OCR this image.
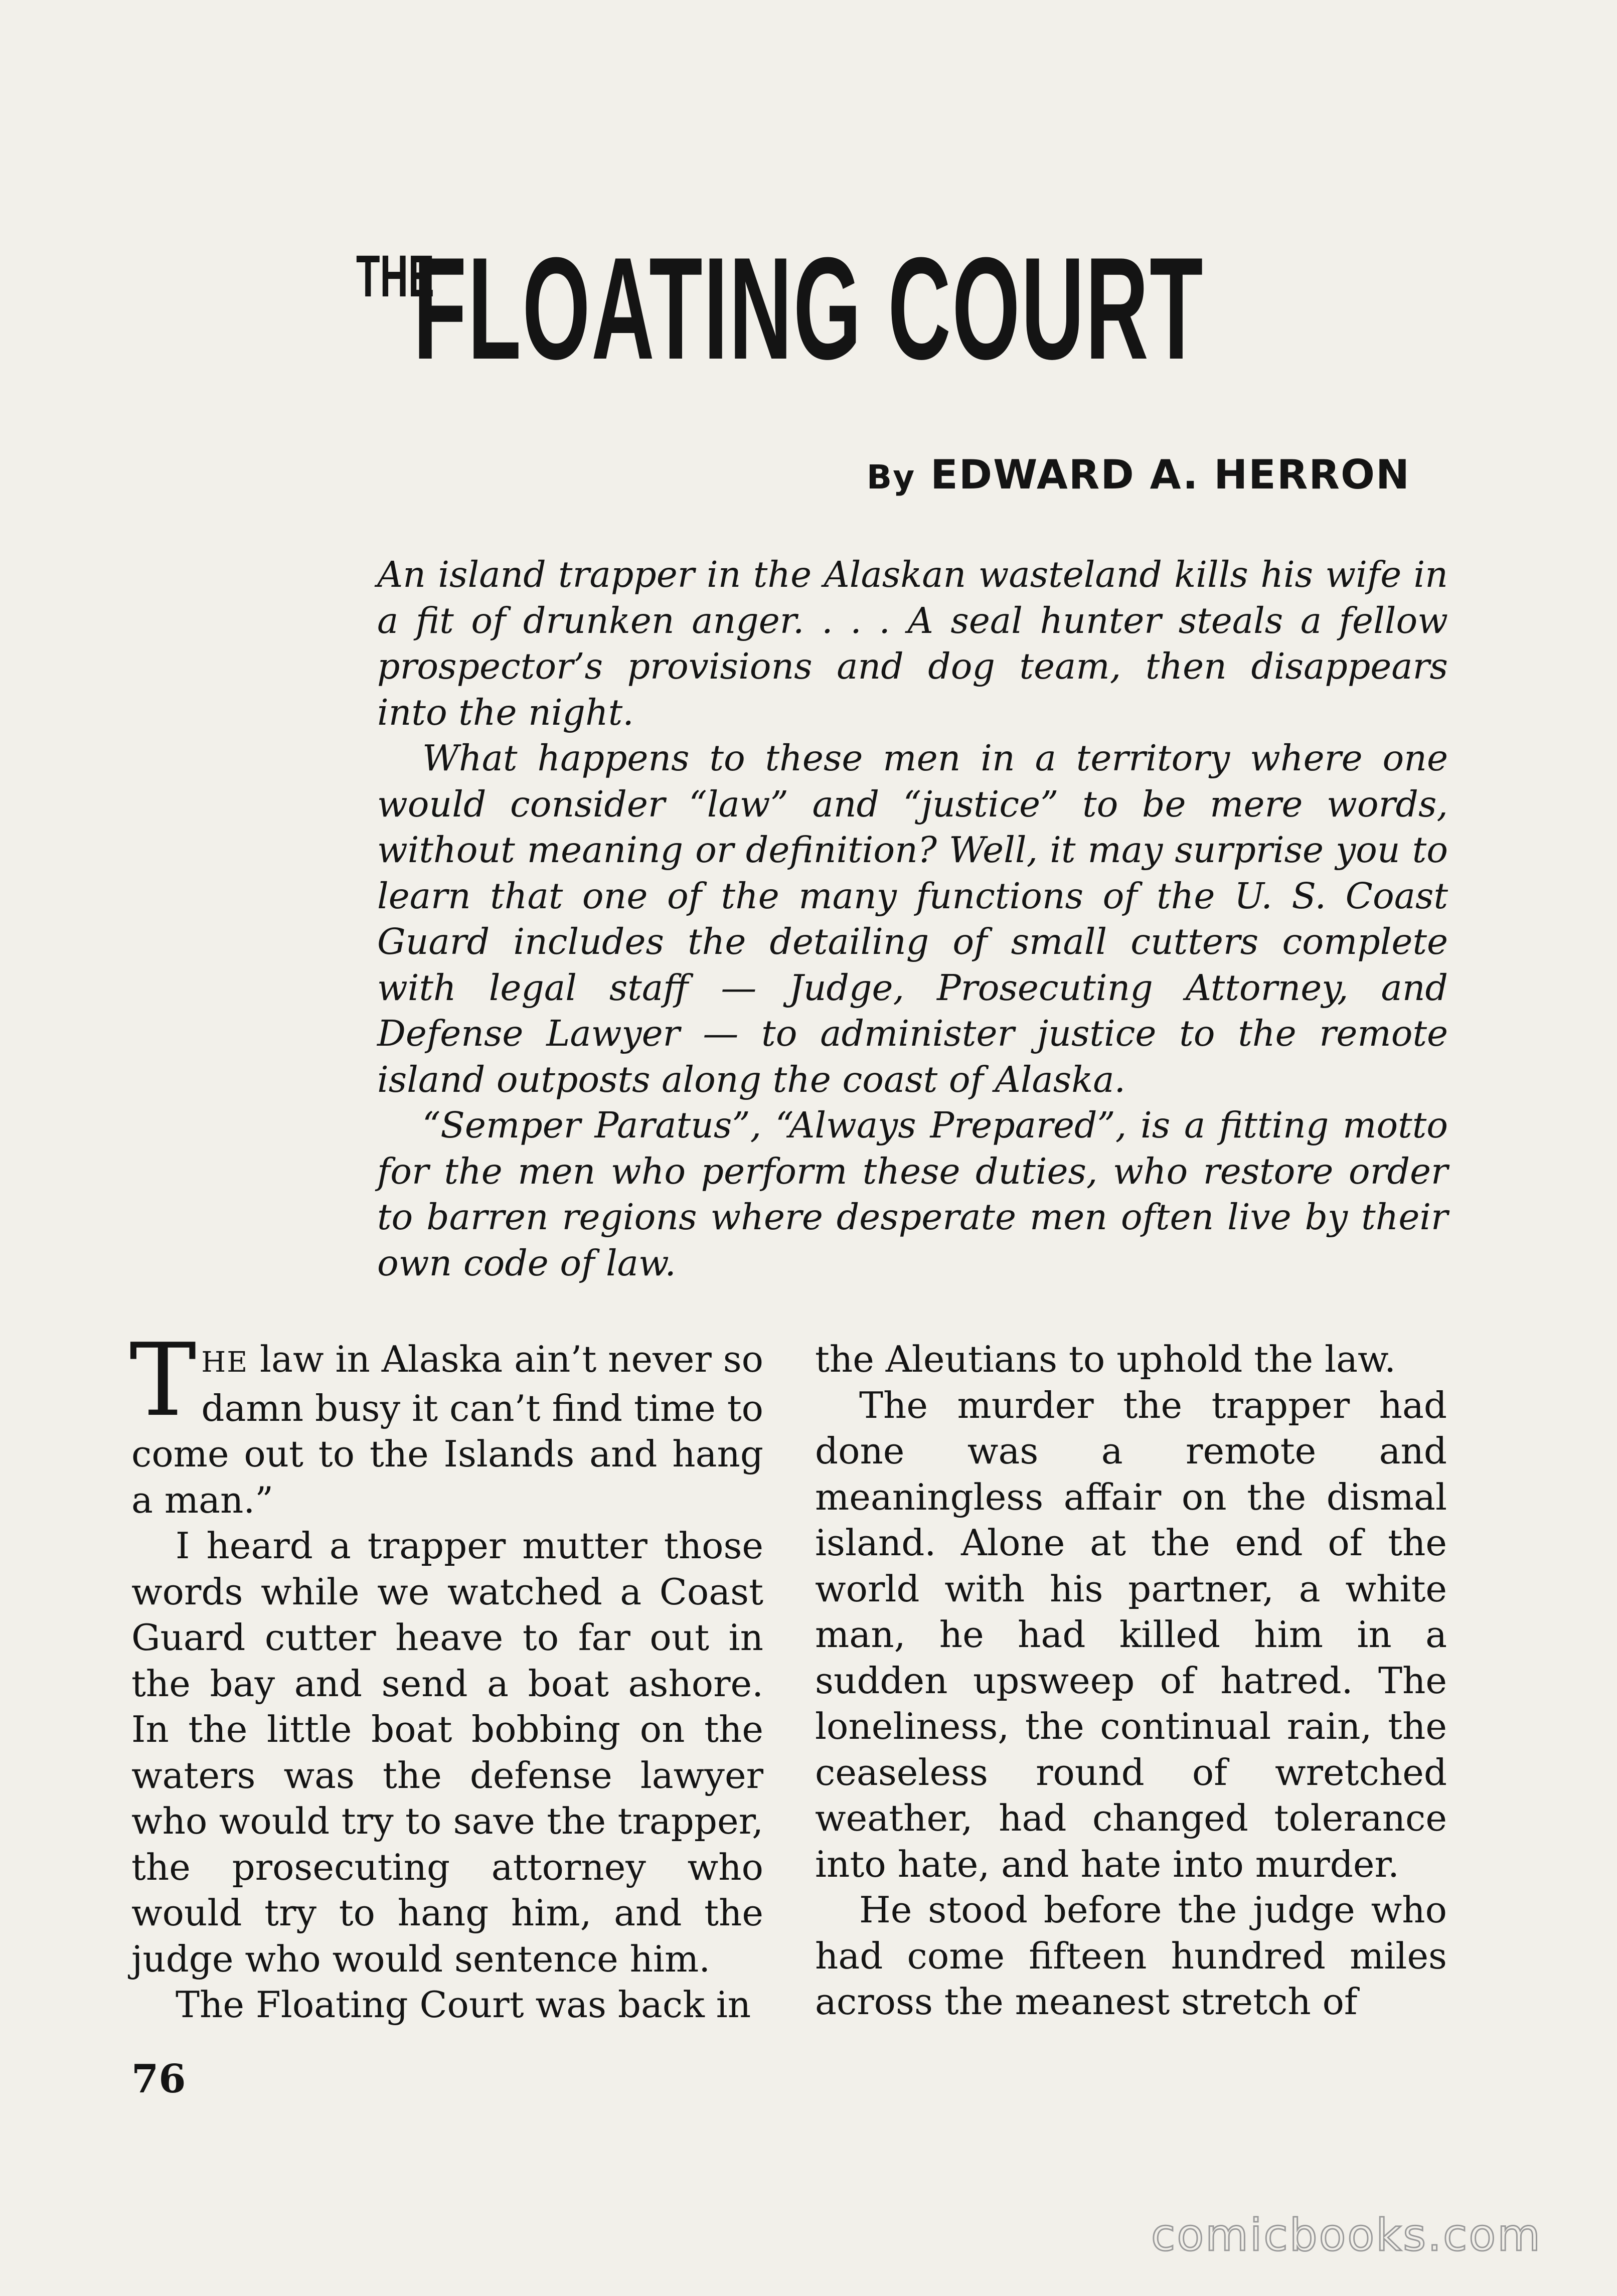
THE FLOATING COURT
By EDWARD A. HERRON

An island trapper in the Alaskan wasteland kills his wife in a fit of drunken anger. . . . A seal hunter steals a fellow prospector’s provisions and dog team, then disappears into the night.

What happens to these men in a territory where one would consider “law” and “justice” to be mere words, without meaning or definition? Well, it may surprise you to learn that one of the many functions of the U. S. Coast Guard includes the detailing of small cutters complete with legal staff — Judge, Prosecuting Attorney, and Defense Lawyer — to administer justice to the remote island outposts along the coast of Alaska.

“Semper Paratus”, “Always Prepared”, is a fitting motto for the men who perform these duties, who restore order to barren regions where desperate men often live by their own code of law.

THE law in Alaska ain’t never so damn busy it can’t find time to come out to the Islands and hang a man.”

I heard a trapper mutter those words while we watched a Coast Guard cutter heave to far out in the bay and send a boat ashore. In the little boat bobbing on the waters was the defense lawyer who would try to save the trapper, the prosecuting attorney who would try to hang him, and the judge who would sentence him.

The Floating Court was back in

the Aleutians to uphold the law.

The murder the trapper had done was a remote and meaningless affair on the dismal island. Alone at the end of the world with his partner, a white man, he had killed him in a sudden upsweep of hatred. The loneliness, the continual rain, the ceaseless round of wretched weather, had changed tolerance into hate, and hate into murder.

He stood before the judge who had come fifteen hundred miles across the meanest stretch of

76
comicbooks.com
